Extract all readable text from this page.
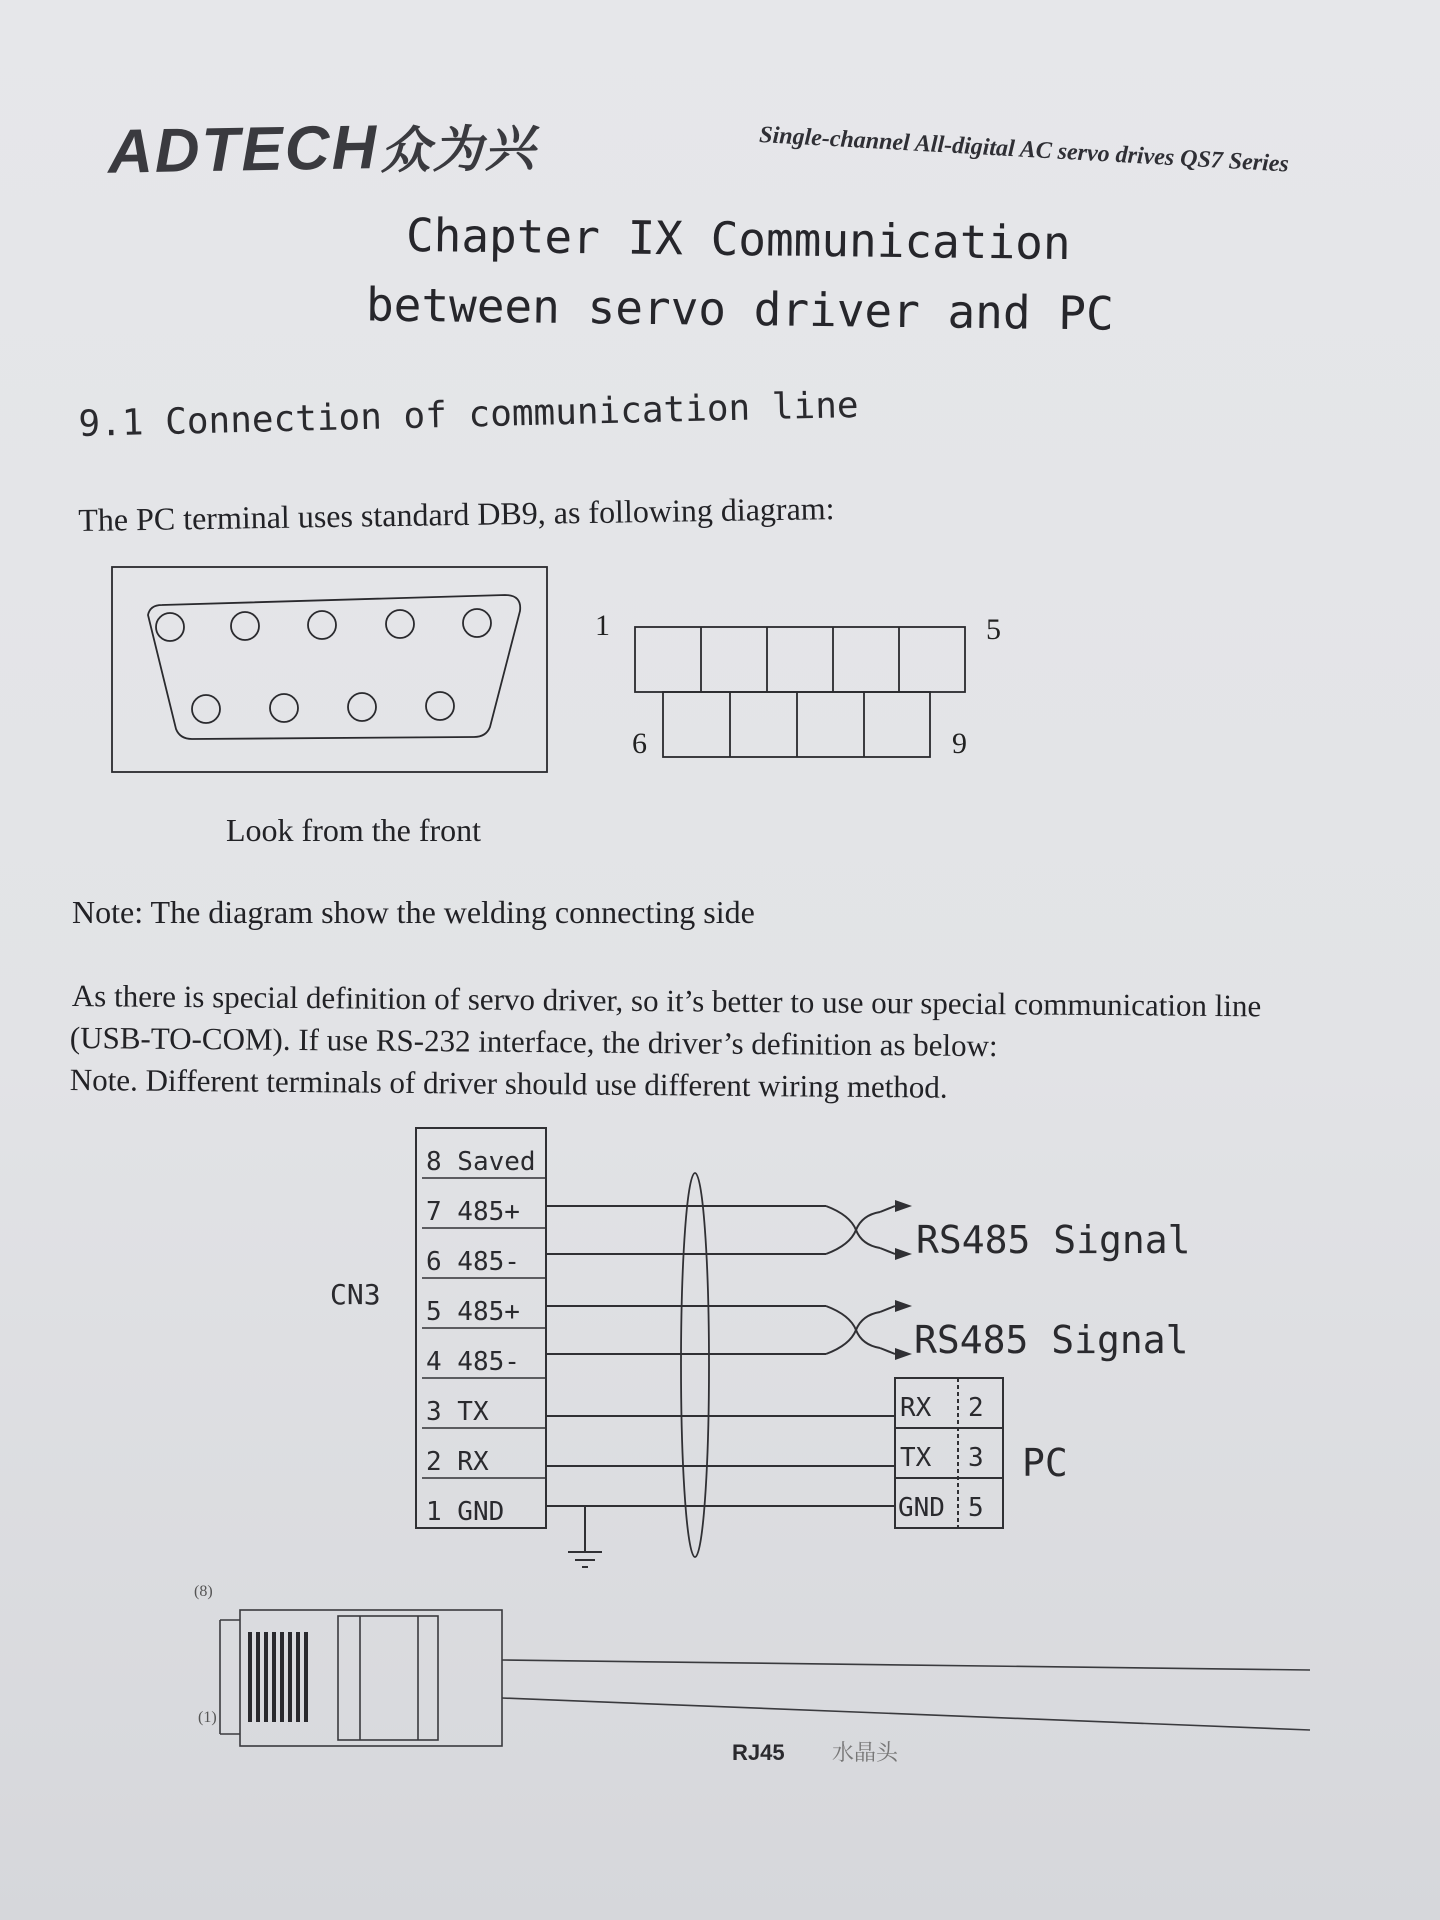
ADTECH众为兴	Single-channel All-digital AC servo drives QS7 Series
Chapter IX Communication
between servo driver and PC
9.1 Connection of communication line
The PC terminal uses standard DB9, as following diagram:
1	5
6	9
Look from the front
Note: The diagram show the welding connecting side
As there is special definition of servo driver, so it’s better to use our special communication line
(USB-TO-COM). If use RS-232 interface, the driver’s definition as below:
Note. Different terminals of driver should use different wiring method.
8 Saved
7 485+
6 485-
5 485+
4 485-
3 TX
2 RX
1 GND
CN3
RS485 Signal
RS485 Signal
RX 2
TX 3
GND 5
PC
(8)
(1)
RJ45 水晶头
